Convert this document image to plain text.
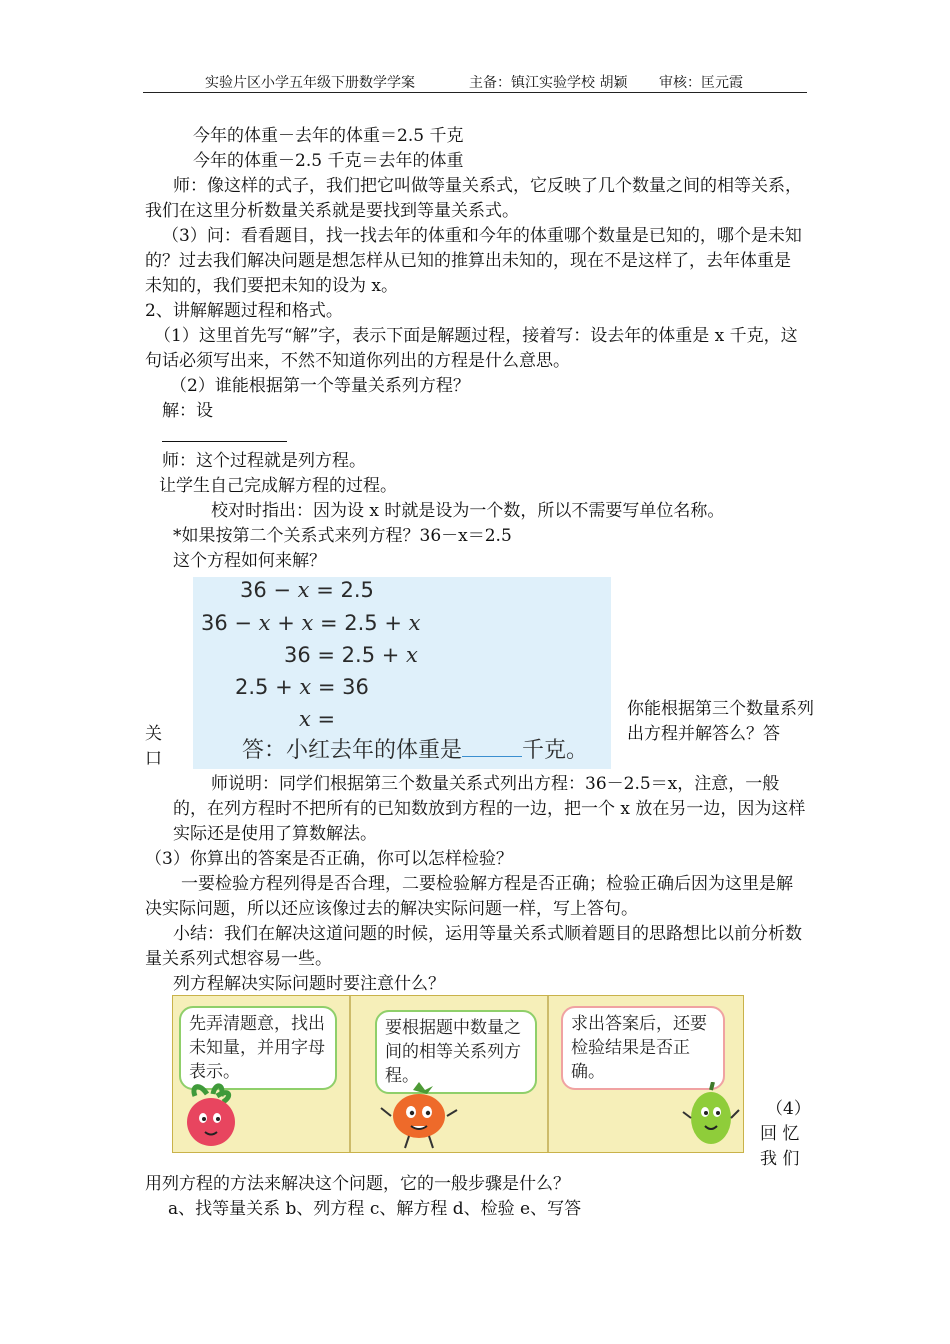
实验片区小学五年级下册数学学案	主备：镇江实验学校 胡颖 审核：匡元霞
今年的体重－去年的体重＝2.5 千克
今年的体重－2.5 千克＝去年的体重
师：像这样的式子，我们把它叫做等量关系式，它反映了几个数量之间的相等关系，我们在这里分析数量关系就是要找到等量关系式。
（3）问：看看题目，找一找去年的体重和今年的体重哪个数量是已知的，哪个是未知的？过去我们解决问题是想怎样从已知的推算出未知的，现在不是这样了，去年体重是未知的，我们要把未知的设为 x。
2、讲解解题过程和格式。
（1）这里首先写“解”字，表示下面是解题过程，接着写：设去年的体重是 x 千克，这句话必须写出来，不然不知道你列出的方程是什么意思。
（2）谁能根据第一个等量关系列方程？
解：设
师：这个过程就是列方程。
让学生自己完成解方程的过程。
校对时指出：因为设 x 时就是设为一个数，所以不需要写单位名称。
*如果按第二个关系式来列方程？36－x＝2.5
这个方程如何来解？
36 − x = 2.5
36 − x + x = 2.5 + x
36 = 2.5 + x
2.5 + x = 36
x =
答：小红去年的体重是	千克。
关
口
你能根据第三个数量系列出方程并解答么？答
师说明：同学们根据第三个数量关系式列出方程：36－2.5＝x，注意，一般的，在列方程时不把所有的已知数放到方程的一边，把一个 x 放在另一边，因为这样实际还是使用了算数解法。
（3）你算出的答案是否正确，你可以怎样检验？
一要检验方程列得是否合理，二要检验解方程是否正确；检验正确后因为这里是解决实际问题，所以还应该像过去的解决实际问题一样，写上答句。
小结：我们在解决这道问题的时候，运用等量关系式顺着题目的思路想比以前分析数量关系列式想容易一些。
列方程解决实际问题时要注意什么？
先弄清题意，找出未知量，并用字母表示。
要根据题中数量之间的相等关系列方程。
求出答案后，还要检验结果是否正确。
（4）
回 忆
我 们
用列方程的方法来解决这个问题，它的一般步骤是什么？
a、找等量关系 b、列方程 c、解方程 d、检验 e、写答
